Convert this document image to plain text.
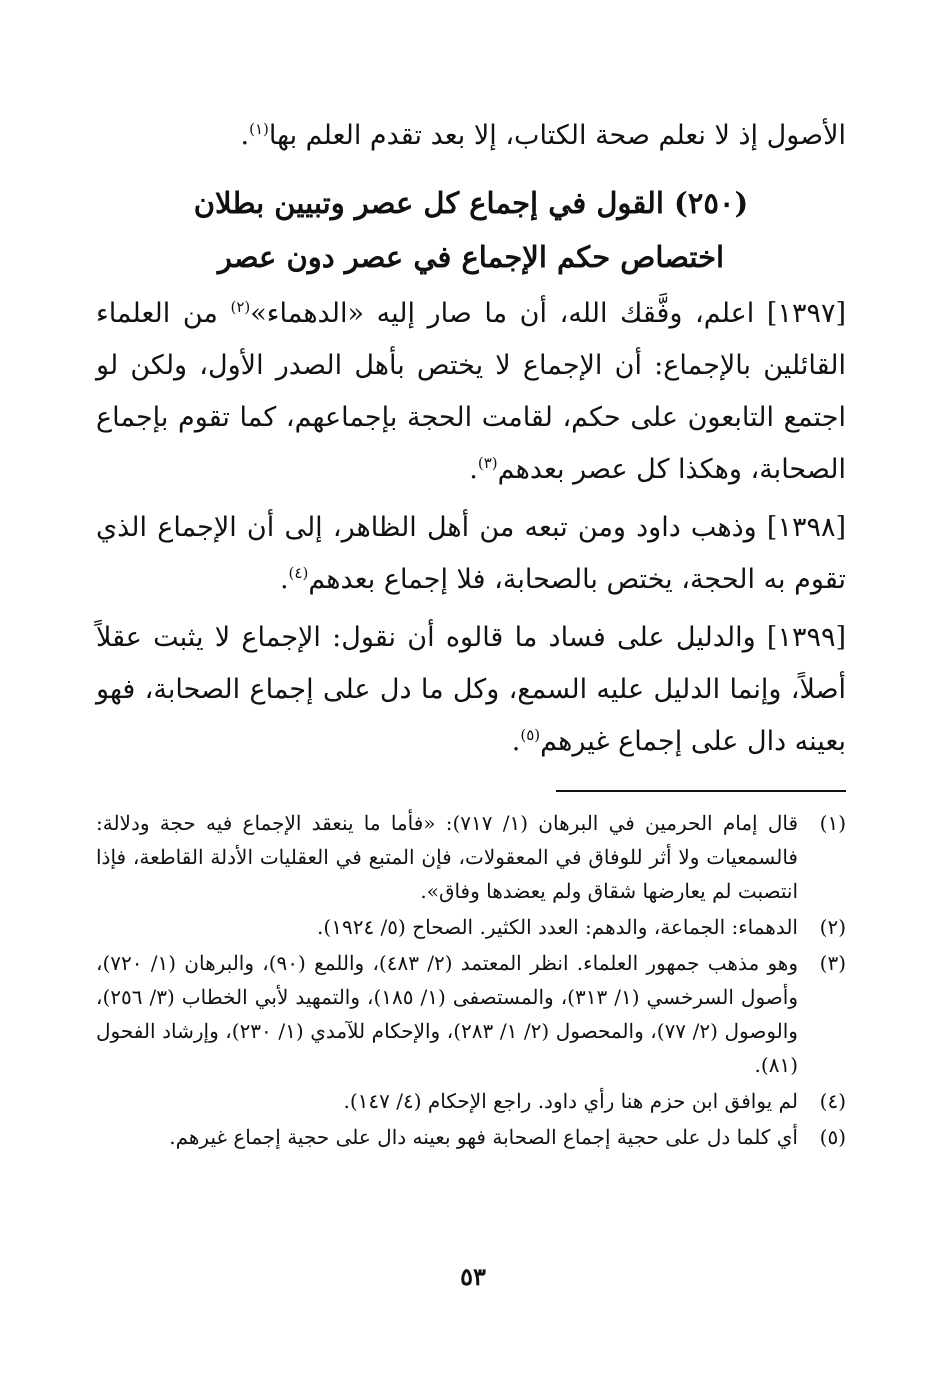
الأصول إذ لا نعلم صحة الكتاب، إلا بعد تقدم العلم بها$^{(١)}$.

(٢٥٠) القول في إجماع كل عصر وتبيين بطلان
اختصاص حكم الإجماع في عصر دون عصر

[١٣٩٧] اعلم، وفَّقك الله، أن ما صار إليه «الدهماء»$^{(٢)}$ من العلماء القائلين بالإجماع: أن الإجماع لا يختص بأهل الصدر الأول، ولكن لو اجتمع التابعون على حكم، لقامت الحجة بإجماعهم، كما تقوم بإجماع الصحابة، وهكذا كل عصر بعدهم$^{(٣)}$.

[١٣٩٨] وذهب داود ومن تبعه من أهل الظاهر، إلى أن الإجماع الذي تقوم به الحجة، يختص بالصحابة، فلا إجماع بعدهم$^{(٤)}$.

[١٣٩٩] والدليل على فساد ما قالوه أن نقول: الإجماع لا يثبت عقلاً أصلاً، وإنما الدليل عليه السمع، وكل ما دل على إجماع الصحابة، فهو بعينه دال على إجماع غيرهم$^{(٥)}$.

(١)
قال إمام الحرمين في البرهان (١/ ٧١٧): «فأما ما ينعقد الإجماع فيه حجة ودلالة: فالسمعيات ولا أثر للوفاق في المعقولات، فإن المتبع في العقليات الأدلة القاطعة، فإذا انتصبت لم يعارضها شقاق ولم يعضدها وفاق».
(٢)
الدهماء: الجماعة، والدهم: العدد الكثير. الصحاح (٥/ ١٩٢٤).
(٣)
وهو مذهب جمهور العلماء. انظر المعتمد (٢/ ٤٨٣)، واللمع (٩٠)، والبرهان (١/ ٧٢٠)، وأصول السرخسي (١/ ٣١٣)، والمستصفى (١/ ١٨٥)، والتمهيد لأبي الخطاب (٣/ ٢٥٦)، والوصول (٢/ ٧٧)، والمحصول (٢/ ١/ ٢٨٣)، والإحكام للآمدي (١/ ٢٣٠)، وإرشاد الفحول (٨١).
(٤)
لم يوافق ابن حزم هنا رأي داود. راجع الإحكام (٤/ ١٤٧).
(٥)
أي كلما دل على حجية إجماع الصحابة فهو بعينه دال على حجية إجماع غيرهم.
٥٣
